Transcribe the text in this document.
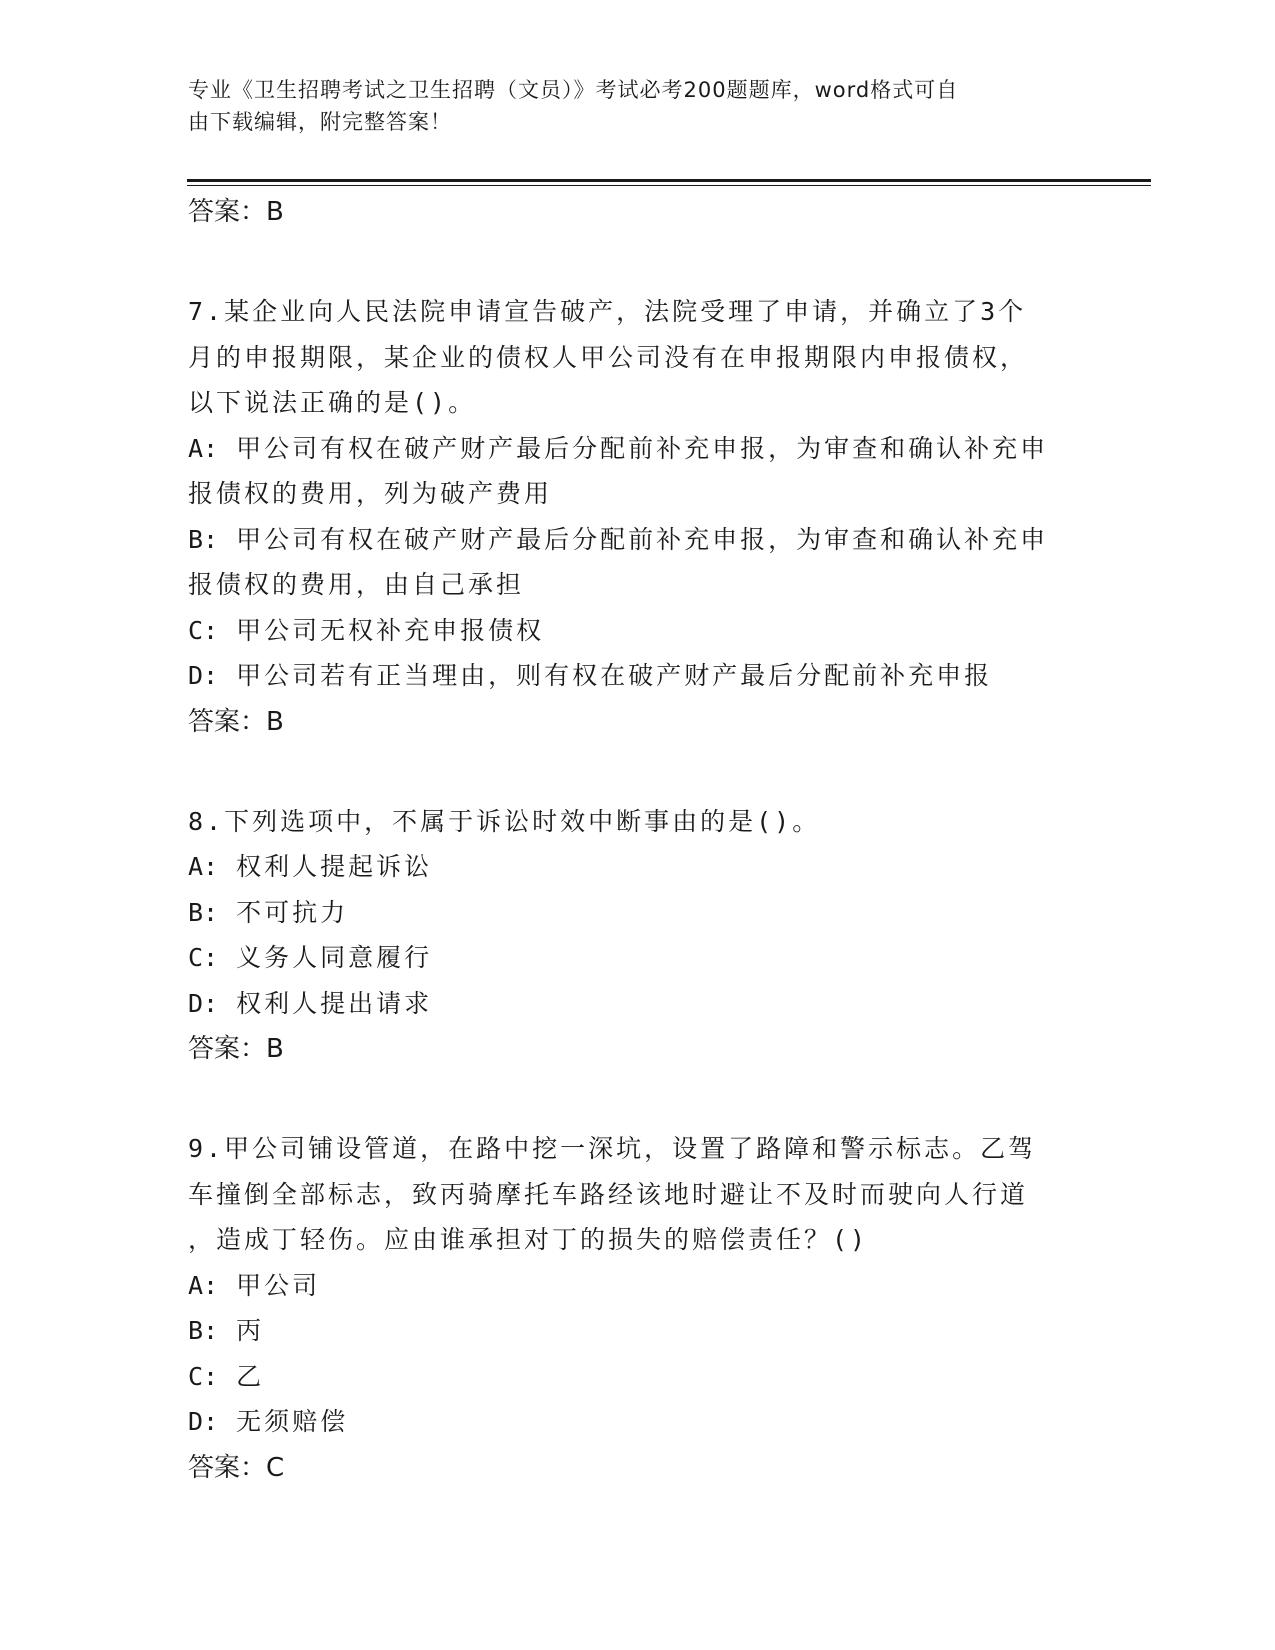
专业《卫生招聘考试之卫生招聘（文员）》考试必考200题题库，word格式可自
由下载编辑，附完整答案！
答案：B
7.某企业向人民法院申请宣告破产，法院受理了申请，并确立了3个
月的申报期限，某企业的债权人甲公司没有在申报期限内申报债权，
以下说法正确的是()。
A: 甲公司有权在破产财产最后分配前补充申报，为审查和确认补充申
报债权的费用，列为破产费用
B: 甲公司有权在破产财产最后分配前补充申报，为审查和确认补充申
报债权的费用，由自己承担
C: 甲公司无权补充申报债权
D: 甲公司若有正当理由，则有权在破产财产最后分配前补充申报
答案：B
8.下列选项中，不属于诉讼时效中断事由的是()。
A: 权利人提起诉讼
B: 不可抗力
C: 义务人同意履行
D: 权利人提出请求
答案：B
9.甲公司铺设管道，在路中挖一深坑，设置了路障和警示标志。乙驾
车撞倒全部标志，致丙骑摩托车路经该地时避让不及时而驶向人行道
，造成丁轻伤。应由谁承担对丁的损失的赔偿责任？()
A: 甲公司
B: 丙
C: 乙
D: 无须赔偿
答案：C
